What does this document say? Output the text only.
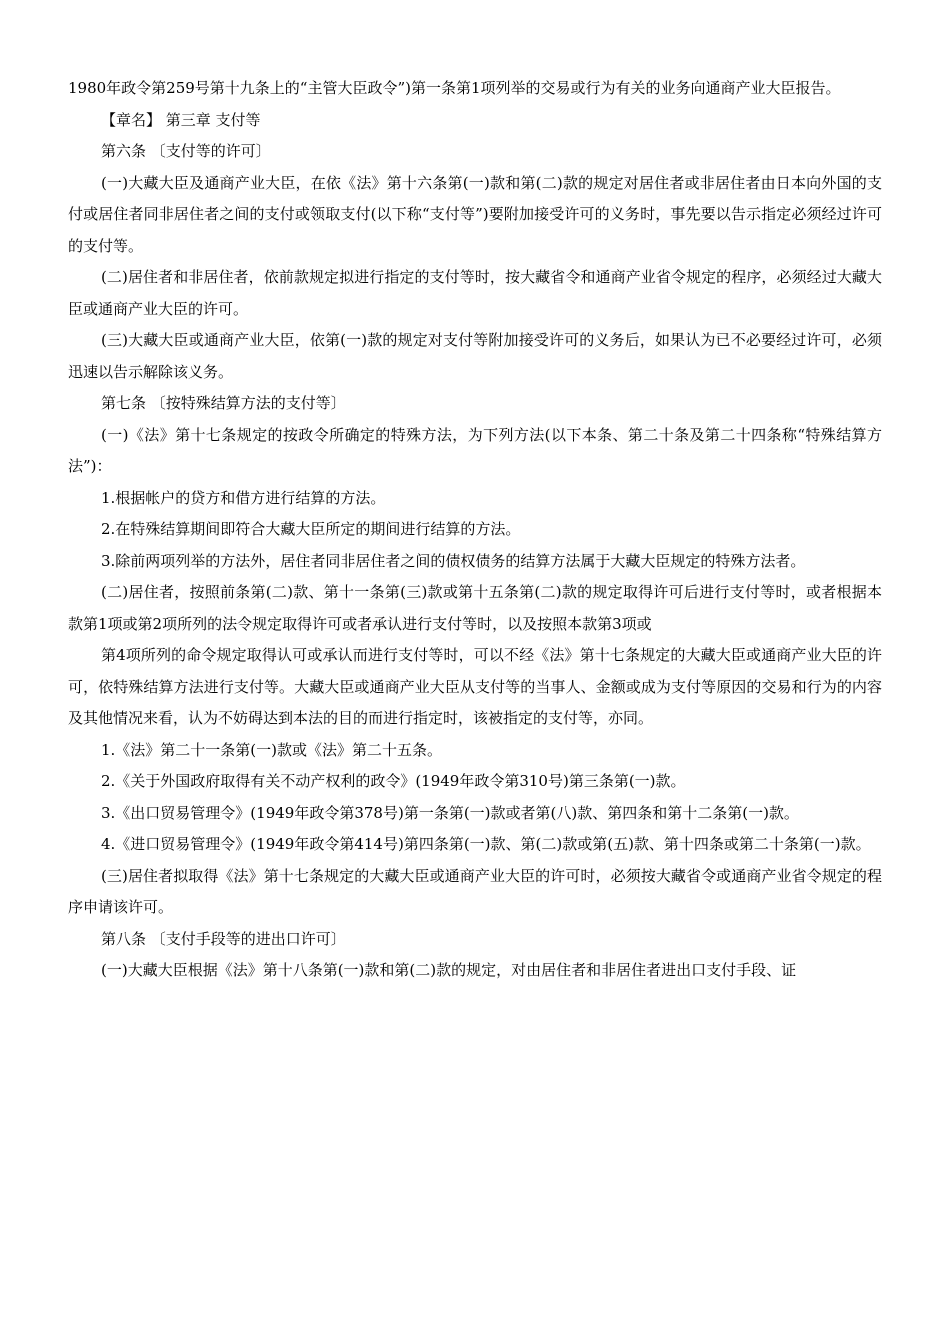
1980年政令第259号第十九条上的“主管大臣政令”)第一条第1项列举的交易或行为有关的业务向通商产业大臣报告。

【章名】 第三章 支付等

第六条 〔支付等的许可〕

(一)大藏大臣及通商产业大臣，在依《法》第十六条第(一)款和第(二)款的规定对居住者或非居住者由日本向外国的支付或居住者同非居住者之间的支付或领取支付(以下称“支付等”)要附加接受许可的义务时，事先要以告示指定必须经过许可的支付等。

(二)居住者和非居住者，依前款规定拟进行指定的支付等时，按大藏省令和通商产业省令规定的程序，必须经过大藏大臣或通商产业大臣的许可。

(三)大藏大臣或通商产业大臣，依第(一)款的规定对支付等附加接受许可的义务后，如果认为已不必要经过许可，必须迅速以告示解除该义务。

第七条 〔按特殊结算方法的支付等〕

(一)《法》第十七条规定的按政令所确定的特殊方法，为下列方法(以下本条、第二十条及第二十四条称“特殊结算方法”)：

1.根据帐户的贷方和借方进行结算的方法。

2.在特殊结算期间即符合大藏大臣所定的期间进行结算的方法。

3.除前两项列举的方法外，居住者同非居住者之间的债权债务的结算方法属于大藏大臣规定的特殊方法者。

(二)居住者，按照前条第(二)款、第十一条第(三)款或第十五条第(二)款的规定取得许可后进行支付等时，或者根据本款第1项或第2项所列的法令规定取得许可或者承认进行支付等时，以及按照本款第3项或

第4项所列的命令规定取得认可或承认而进行支付等时，可以不经《法》第十七条规定的大藏大臣或通商产业大臣的许可，依特殊结算方法进行支付等。大藏大臣或通商产业大臣从支付等的当事人、金额或成为支付等原因的交易和行为的内容及其他情况来看，认为不妨碍达到本法的目的而进行指定时，该被指定的支付等，亦同。

1.《法》第二十一条第(一)款或《法》第二十五条。

2.《关于外国政府取得有关不动产权利的政令》(1949年政令第310号)第三条第(一)款。

3.《出口贸易管理令》(1949年政令第378号)第一条第(一)款或者第(八)款、第四条和第十二条第(一)款。

4.《进口贸易管理令》(1949年政令第414号)第四条第(一)款、第(二)款或第(五)款、第十四条或第二十条第(一)款。

(三)居住者拟取得《法》第十七条规定的大藏大臣或通商产业大臣的许可时，必须按大藏省令或通商产业省令规定的程序申请该许可。

第八条 〔支付手段等的进出口许可〕

(一)大藏大臣根据《法》第十八条第(一)款和第(二)款的规定，对由居住者和非居住者进出口支付手段、证
